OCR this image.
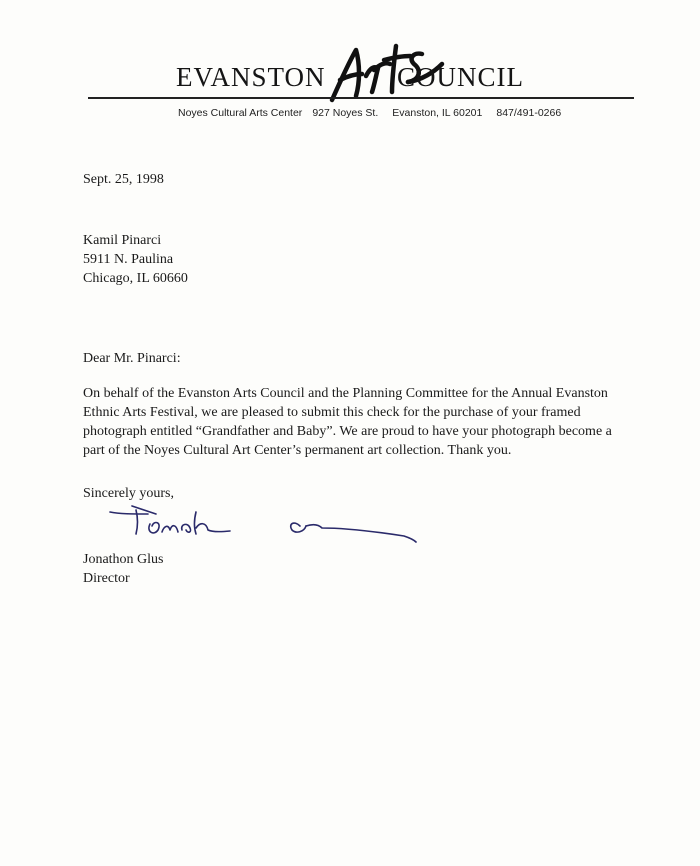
EVANSTON	COUNCIL
Noyes Cultural Arts Center 927 Noyes St. Evanston, IL 60201 847/491-0266
Sept. 25, 1998
Kamil Pinarci
5911 N. Paulina
Chicago, IL 60660
Dear Mr. Pinarci:
On behalf of the Evanston Arts Council and the Planning Committee for the Annual Evanston
Ethnic Arts Festival, we are pleased to submit this check for the purchase of your framed
photograph entitled “Grandfather and Baby”. We are proud to have your photograph become a
part of the Noyes Cultural Art Center’s permanent art collection. Thank you.
Sincerely yours,
Jonathon Glus
Director
